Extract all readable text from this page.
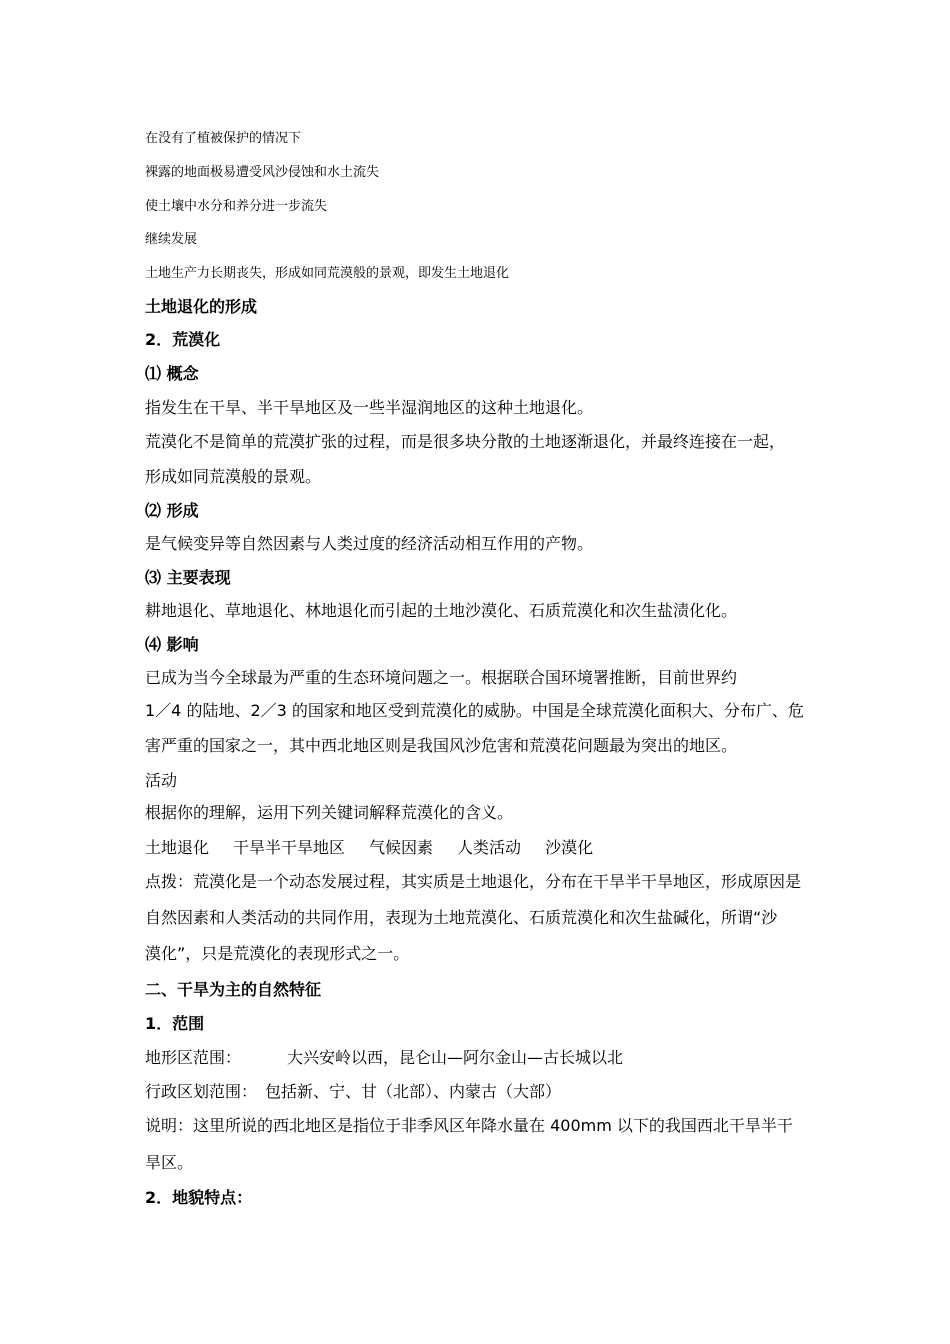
在没有了植被保护的情况下

裸露的地面极易遭受风沙侵蚀和水土流失

使土壤中水分和养分进一步流失

继续发展

土地生产力长期丧失，形成如同荒漠般的景观，即发生土地退化

土地退化的形成

2．荒漠化

⑴ 概念

指发生在干旱、半干旱地区及一些半湿润地区的这种土地退化。

荒漠化不是简单的荒漠扩张的过程，而是很多块分散的土地逐渐退化，并最终连接在一起，

形成如同荒漠般的景观。

⑵ 形成

是气候变异等自然因素与人类过度的经济活动相互作用的产物。

⑶ 主要表现

耕地退化、草地退化、林地退化而引起的土地沙漠化、石质荒漠化和次生盐渍化化。

⑷ 影响

已成为当今全球最为严重的生态环境问题之一。根据联合国环境署推断，目前世界约

1／4 的陆地、2／3 的国家和地区受到荒漠化的威胁。中国是全球荒漠化面积大、分布广、危

害严重的国家之一，其中西北地区则是我国风沙危害和荒漠花问题最为突出的地区。

活动

根据你的理解，运用下列关键词解释荒漠化的含义。

土地退化 干旱半干旱地区 气候因素 人类活动 沙漠化

点拨：荒漠化是一个动态发展过程，其实质是土地退化，分布在干旱半干旱地区，形成原因是

自然因素和人类活动的共同作用，表现为土地荒漠化、石质荒漠化和次生盐碱化，所谓“沙

漠化”，只是荒漠化的表现形式之一。

二、干旱为主的自然特征

1．范围

地形区范围：	大兴安岭以西，昆仑山—阿尔金山—古长城以北

行政区划范围： 包括新、宁、甘（北部）、内蒙古（大部）

说明：这里所说的西北地区是指位于非季风区年降水量在 400mm 以下的我国西北干旱半干

旱区。

2．地貌特点：
